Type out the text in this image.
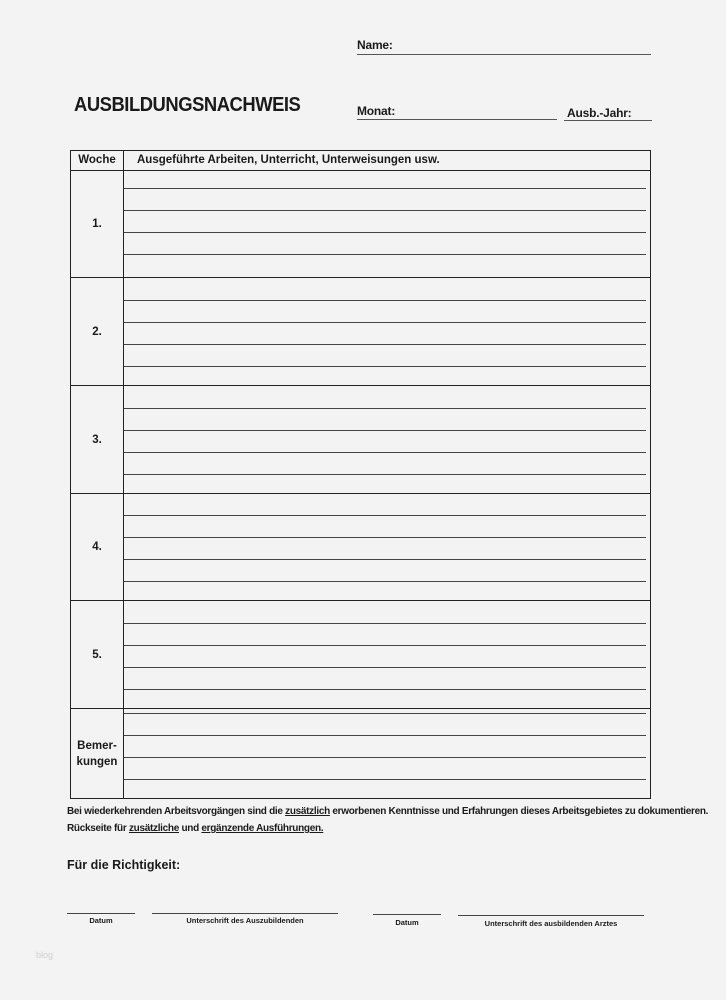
Name:
AUSBILDUNGSNACHWEIS	Monat:	Ausb.-Jahr:
Woche	Ausgeführte Arbeiten, Unterricht, Unterweisungen usw.
1.
2.
3.
4.
5.
Bemer-
kungen
Bei wiederkehrenden Arbeitsvorgängen sind die zusätzlich erworbenen Kenntnisse und Erfahrungen dieses Arbeitsgebietes zu dokumentieren.
Rückseite für zusätzliche und ergänzende Ausführungen.
Für die Richtigkeit:
Datum	Unterschrift des Auszubildenden	Datum	Unterschrift des ausbildenden Arztes
blog
